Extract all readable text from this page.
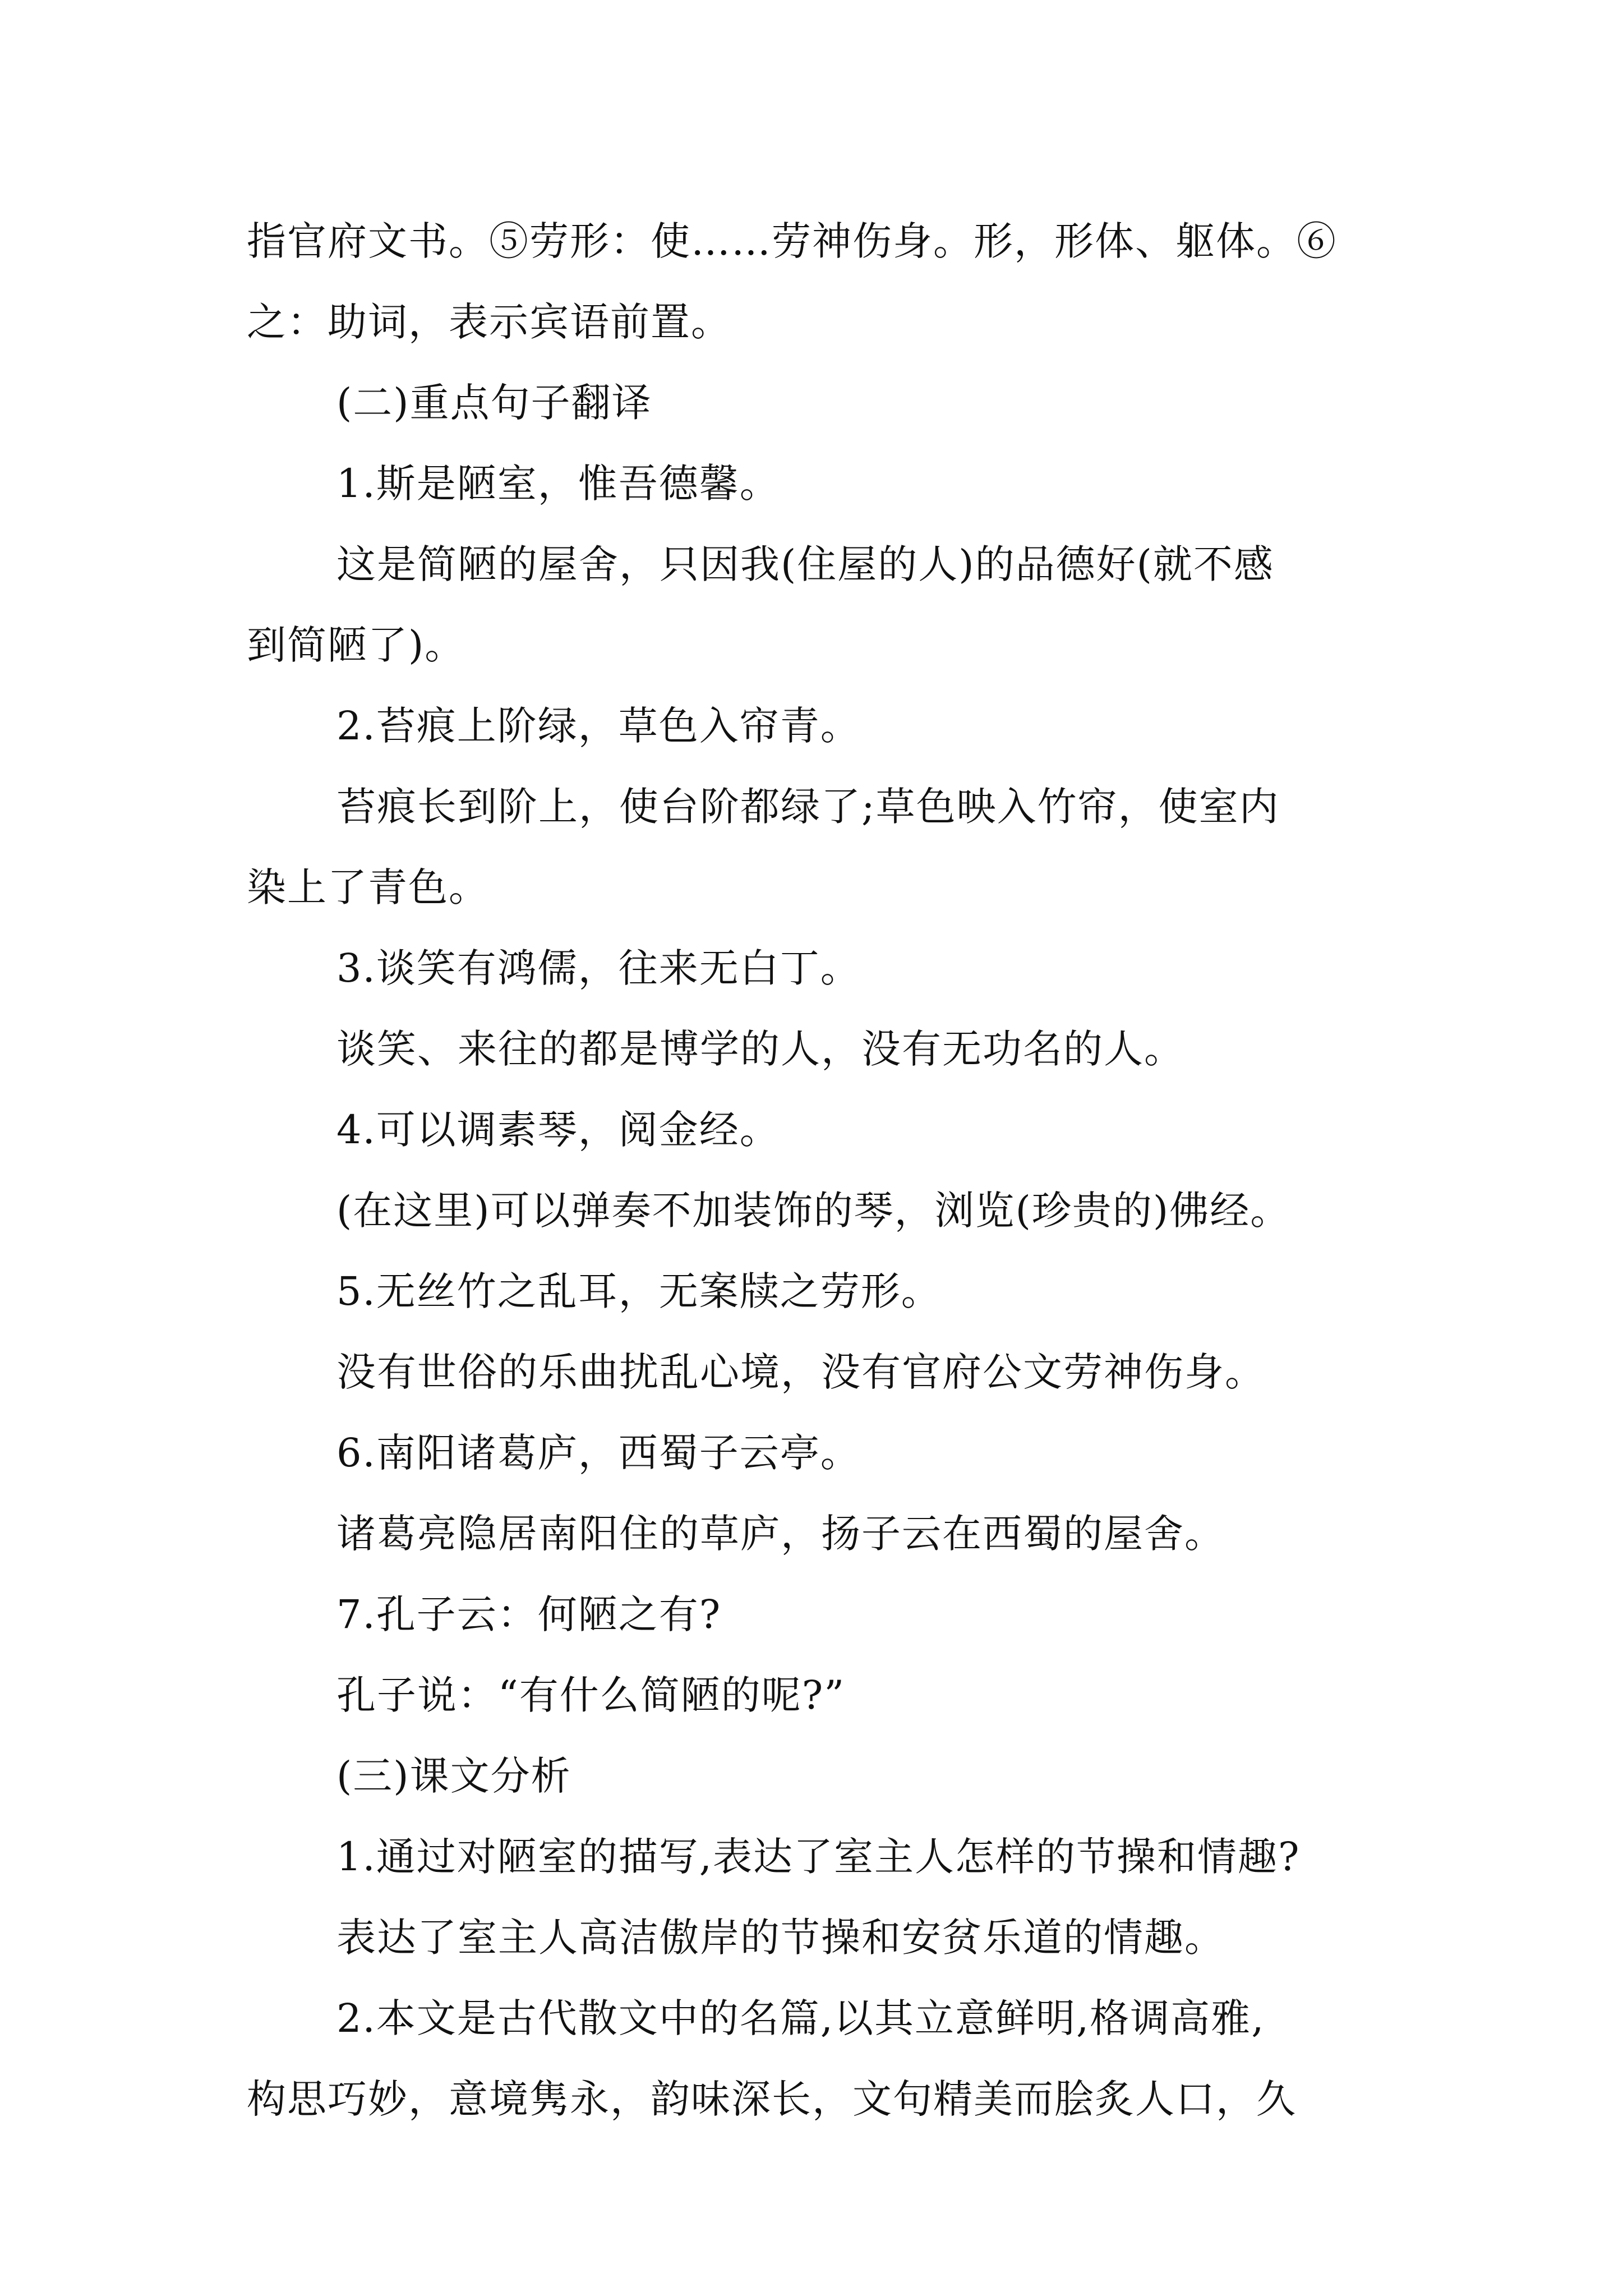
指官府文书。⑤劳形：使……劳神伤身。形，形体、躯体。⑥
之：助词，表示宾语前置。
(二)重点句子翻译
1.斯是陋室，惟吾德馨。
这是简陋的屋舍，只因我(住屋的人)的品德好(就不感
到简陋了)。
2.苔痕上阶绿，草色入帘青。
苔痕长到阶上，使台阶都绿了;草色映入竹帘，使室内
染上了青色。
3.谈笑有鸿儒，往来无白丁。
谈笑、来往的都是博学的人，没有无功名的人。
4.可以调素琴，阅金经。
(在这里)可以弹奏不加装饰的琴，浏览(珍贵的)佛经。
5.无丝竹之乱耳，无案牍之劳形。
没有世俗的乐曲扰乱心境，没有官府公文劳神伤身。
6.南阳诸葛庐，西蜀子云亭。
诸葛亮隐居南阳住的草庐，扬子云在西蜀的屋舍。
7.孔子云：何陋之有?
孔子说：“有什么简陋的呢?”
(三)课文分析
1.通过对陋室的描写,表达了室主人怎样的节操和情趣?
表达了室主人高洁傲岸的节操和安贫乐道的情趣。
2.本文是古代散文中的名篇,以其立意鲜明,格调高雅,
构思巧妙，意境隽永，韵味深长，文句精美而脍炙人口，久
